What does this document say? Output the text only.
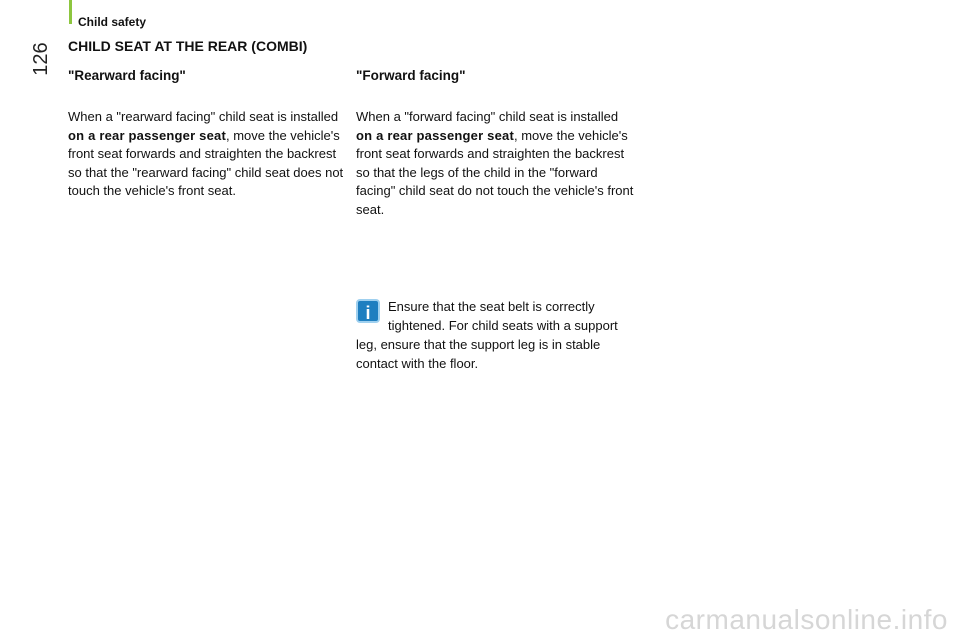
Child safety
126	CHILD SEAT AT THE REAR (COMBI)
"Rearward facing"
When a "rearward facing" child seat is installed on a rear passenger seat, move the vehicle's front seat forwards and straighten the backrest so that the "rearward facing" child seat does not touch the vehicle's front seat.
"Forward facing"
When a "forward facing" child seat is installed on a rear passenger seat, move the vehicle's front seat forwards and straighten the backrest so that the legs of the child in the "forward facing" child seat do not touch the vehicle's front seat.
i	Ensure that the seat belt is correctly tightened. For child seats with a support leg, ensure that the support leg is in stable contact with the floor.
carmanualsonline.info
